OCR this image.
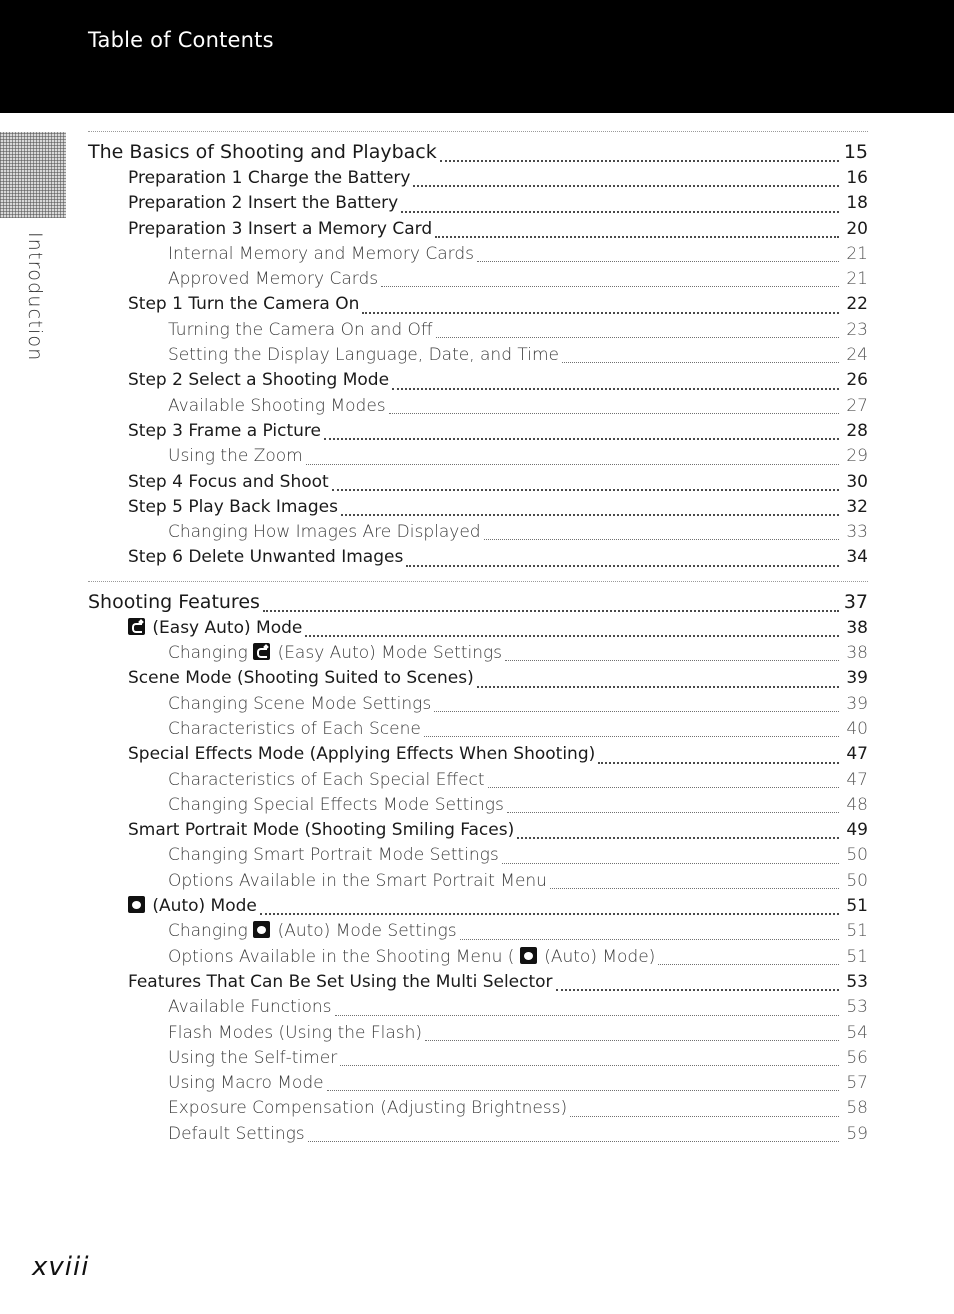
Table of Contents
Introduction
The Basics of Shooting and Playback	15
Preparation 1 Charge the Battery	16
Preparation 2 Insert the Battery	18
Preparation 3 Insert a Memory Card	20
Internal Memory and Memory Cards	21
Approved Memory Cards	21
Step 1 Turn the Camera On	22
Turning the Camera On and Off	23
Setting the Display Language, Date, and Time	24
Step 2 Select a Shooting Mode	26
Available Shooting Modes	27
Step 3 Frame a Picture	28
Using the Zoom	29
Step 4 Focus and Shoot	30
Step 5 Play Back Images	32
Changing How Images Are Displayed	33
Step 6 Delete Unwanted Images	34
Shooting Features	37
(Easy Auto) Mode	38
Changing (Easy Auto) Mode Settings	38
Scene Mode (Shooting Suited to Scenes)	39
Changing Scene Mode Settings	39
Characteristics of Each Scene	40
Special Effects Mode (Applying Effects When Shooting)	47
Characteristics of Each Special Effect	47
Changing Special Effects Mode Settings	48
Smart Portrait Mode (Shooting Smiling Faces)	49
Changing Smart Portrait Mode Settings	50
Options Available in the Smart Portrait Menu	50
(Auto) Mode	51
Changing (Auto) Mode Settings	51
Options Available in the Shooting Menu ( (Auto) Mode)	51
Features That Can Be Set Using the Multi Selector	53
Available Functions	53
Flash Modes (Using the Flash)	54
Using the Self-timer	56
Using Macro Mode	57
Exposure Compensation (Adjusting Brightness)	58
Default Settings	59
xviii
